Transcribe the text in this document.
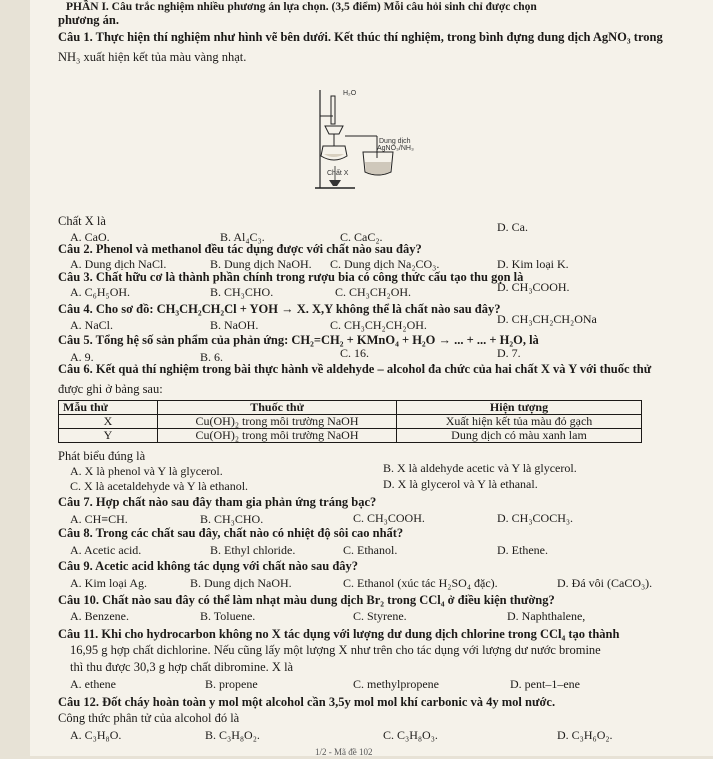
PHẦN I. Câu trắc nghiệm nhiều phương án lựa chọn. (3,5 điểm) Mỗi câu hỏi sinh chỉ được chọn
phương án.
Câu 1. Thực hiện thí nghiệm như hình vẽ bên dưới. Kết thúc thí nghiệm, trong bình đựng dung dịch AgNO₃ trong
NH₃ xuất hiện kết tủa màu vàng nhạt.
H₂O
Dung dịch
AgNO₃/NH₃
Chất X
Chất X là
A. CaO.	B. Al₄C₃.	C. CaC₂.
D. Ca.
Câu 2. Phenol và methanol đều tác dụng được với chất nào sau đây?
A. Dung dịch NaCl.	B. Dung dịch NaOH. C. Dung dịch Na₂CO₃.	D. Kim loại K.
Câu 3. Chất hữu cơ là thành phần chính trong rượu bia có công thức cấu tạo thu gọn là
A. C₆H₅OH.	B. CH₃CHO.	C. CH₃CH₂OH.	D. CH₃COOH.
Câu 4. Cho sơ đồ: CH₃CH₂CH₂Cl + YOH → X. X,Y không thể là chất nào sau đây?
A. NaCl.	B. NaOH.	C. CH₃CH₂CH₂OH.	D. CH₃CH₂CH₂ONa
Câu 5. Tổng hệ số sản phẩm của phản ứng: CH₂=CH₂ + KMnO₄ + H₂O → ... + ... + H₂O, là
A. 9.	B. 6.	C. 16.	D. 7.
Câu 6. Kết quả thí nghiệm trong bài thực hành về aldehyde – alcohol đa chức của hai chất X và Y với thuốc thử
được ghi ở bảng sau:
Mẫu thử	Thuốc thử	Hiện tượng
X	Cu(OH)₂ trong môi trường NaOH	Xuất hiện kết tủa màu đỏ gạch
Y	Cu(OH)₂ trong môi trường NaOH	Dung dịch có màu xanh lam
Phát biểu đúng là
A. X là phenol và Y là glycerol.	B. X là aldehyde acetic và Y là glycerol.
C. X là acetaldehyde và Y là ethanol.	D. X là glycerol và Y là ethanal.
Câu 7. Hợp chất nào sau đây tham gia phản ứng tráng bạc?
A. CH≡CH.	B. CH₃CHO.	C. CH₃COOH.	D. CH₃COCH₃.
Câu 8. Trong các chất sau đây, chất nào có nhiệt độ sôi cao nhất?
A. Acetic acid.	B. Ethyl chloride.	C. Ethanol.	D. Ethene.
Câu 9. Acetic acid không tác dụng với chất nào sau đây?
A. Kim loại Ag.	B. Dung dịch NaOH.	C. Ethanol (xúc tác H₂SO₄ đặc).	D. Đá vôi (CaCO₃).
Câu 10. Chất nào sau đây có thể làm nhạt màu dung dịch Br₂ trong CCl₄ ở điều kiện thường?
A. Benzene.	B. Toluene.	C. Styrene.	D. Naphthalene,
Câu 11. Khi cho hydrocarbon không no X tác dụng với lượng dư dung dịch chlorine trong CCl₄ tạo thành
16,95 g hợp chất dichlorine. Nếu cũng lấy một lượng X như trên cho tác dụng với lượng dư nước bromine
thì thu được 30,3 g hợp chất dibromine. X là
A. ethene	B. propene	C. methylpropene	D. pent–1–ene
Câu 12. Đốt cháy hoàn toàn y mol một alcohol cần 3,5y mol mol khí carbonic và 4y mol nước.
Công thức phân tử của alcohol đó là
A. C₃H₈O.	B. C₃H₈O₂.	C. C₃H₈O₃.	D. C₃H₆O₂.
1/2 - Mã đề 102
